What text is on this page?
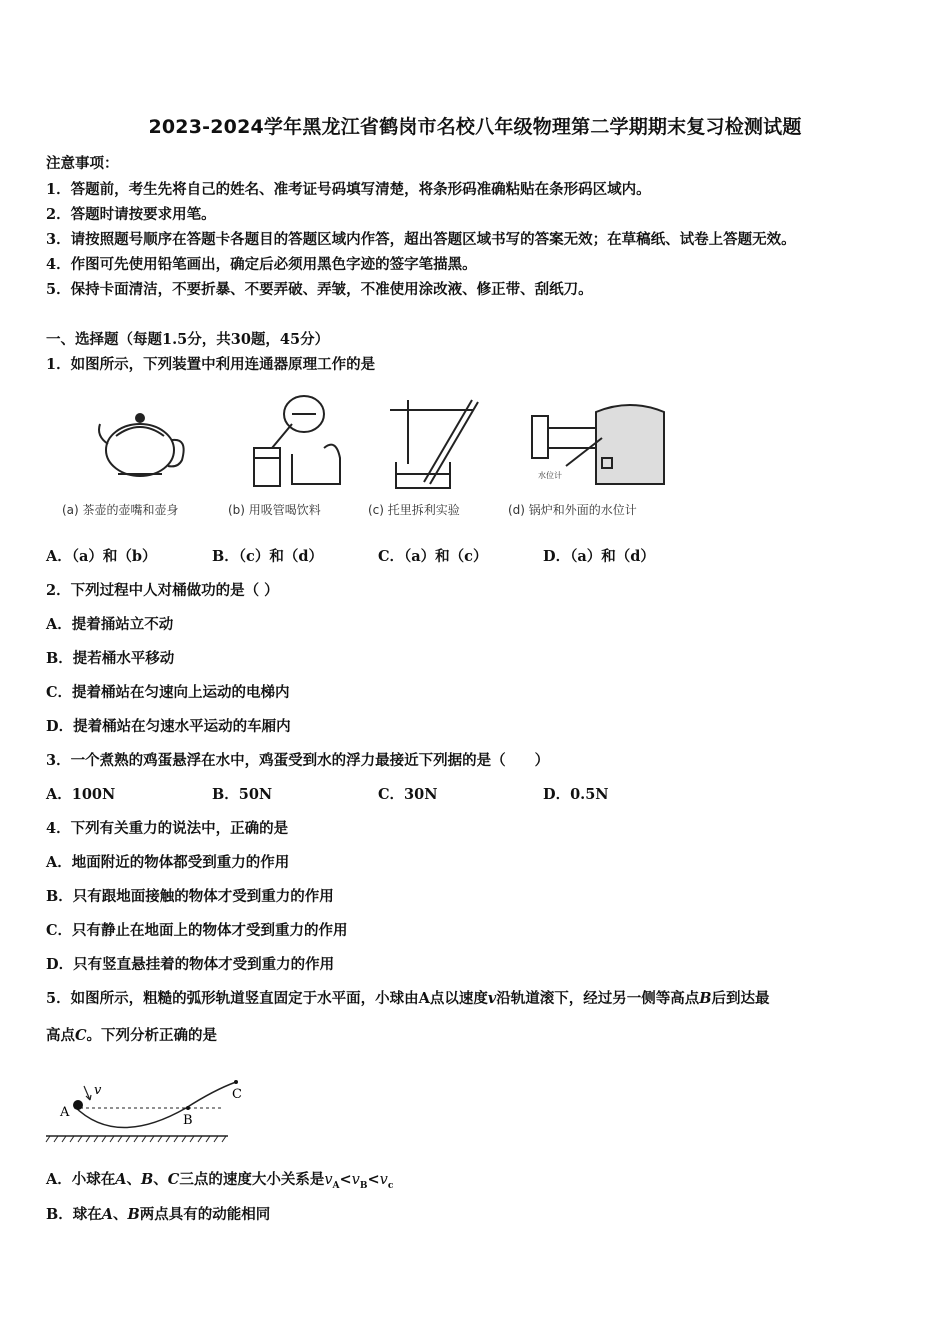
2023-2024学年黑龙江省鹤岗市名校八年级物理第二学期期末复习检测试题
注意事项：
1．答题前，考生先将自己的姓名、准考证号码填写清楚，将条形码准确粘贴在条形码区域内。
2．答题时请按要求用笔。
3．请按照题号顺序在答题卡各题目的答题区域内作答，超出答题区域书写的答案无效；在草稿纸、试卷上答题无效。
4．作图可先使用铅笔画出，确定后必须用黑色字迹的签字笔描黑。
5．保持卡面清洁，不要折暴、不要弄破、弄皱，不准使用涂改液、修正带、刮纸刀。
一、选择题（每题1.5分，共30题，45分）
1．如图所示，下列装置中利用连通器原理工作的是
水位计
(a) 茶壶的壶嘴和壶身	(b) 用吸管喝饮料	(c) 托里拆利实验	(d) 锅炉和外面的水位计
A．（a）和（b）	B．（c）和（d）	C．（a）和（c）	D．（a）和（d）
2．下列过程中人对桶做功的是（ ）
A．提着捅站立不动
B．提若桶水平移动
C．提着桶站在匀速向上运动的电梯内
D．提着桶站在匀速水平运动的车厢内
3．一个煮熟的鸡蛋悬浮在水中，鸡蛋受到水的浮力最接近下列据的是（　　）
A．100N	B．50N	C．30N	D．0.5N
4．下列有关重力的说法中，正确的是
A．地面附近的物体都受到重力的作用
B．只有跟地面接触的物体才受到重力的作用
C．只有静止在地面上的物体才受到重力的作用
D．只有竖直悬挂着的物体才受到重力的作用
5．如图所示，粗糙的弧形轨道竖直固定于水平面，小球由A点以速度v沿轨道滚下，经过另一侧等高点B后到达最
高点C。下列分析正确的是
v
A
B
C
A．小球在A、B、C三点的速度大小关系是$v_A<v_B<v_c$
B．球在A、B两点具有的动能相同
